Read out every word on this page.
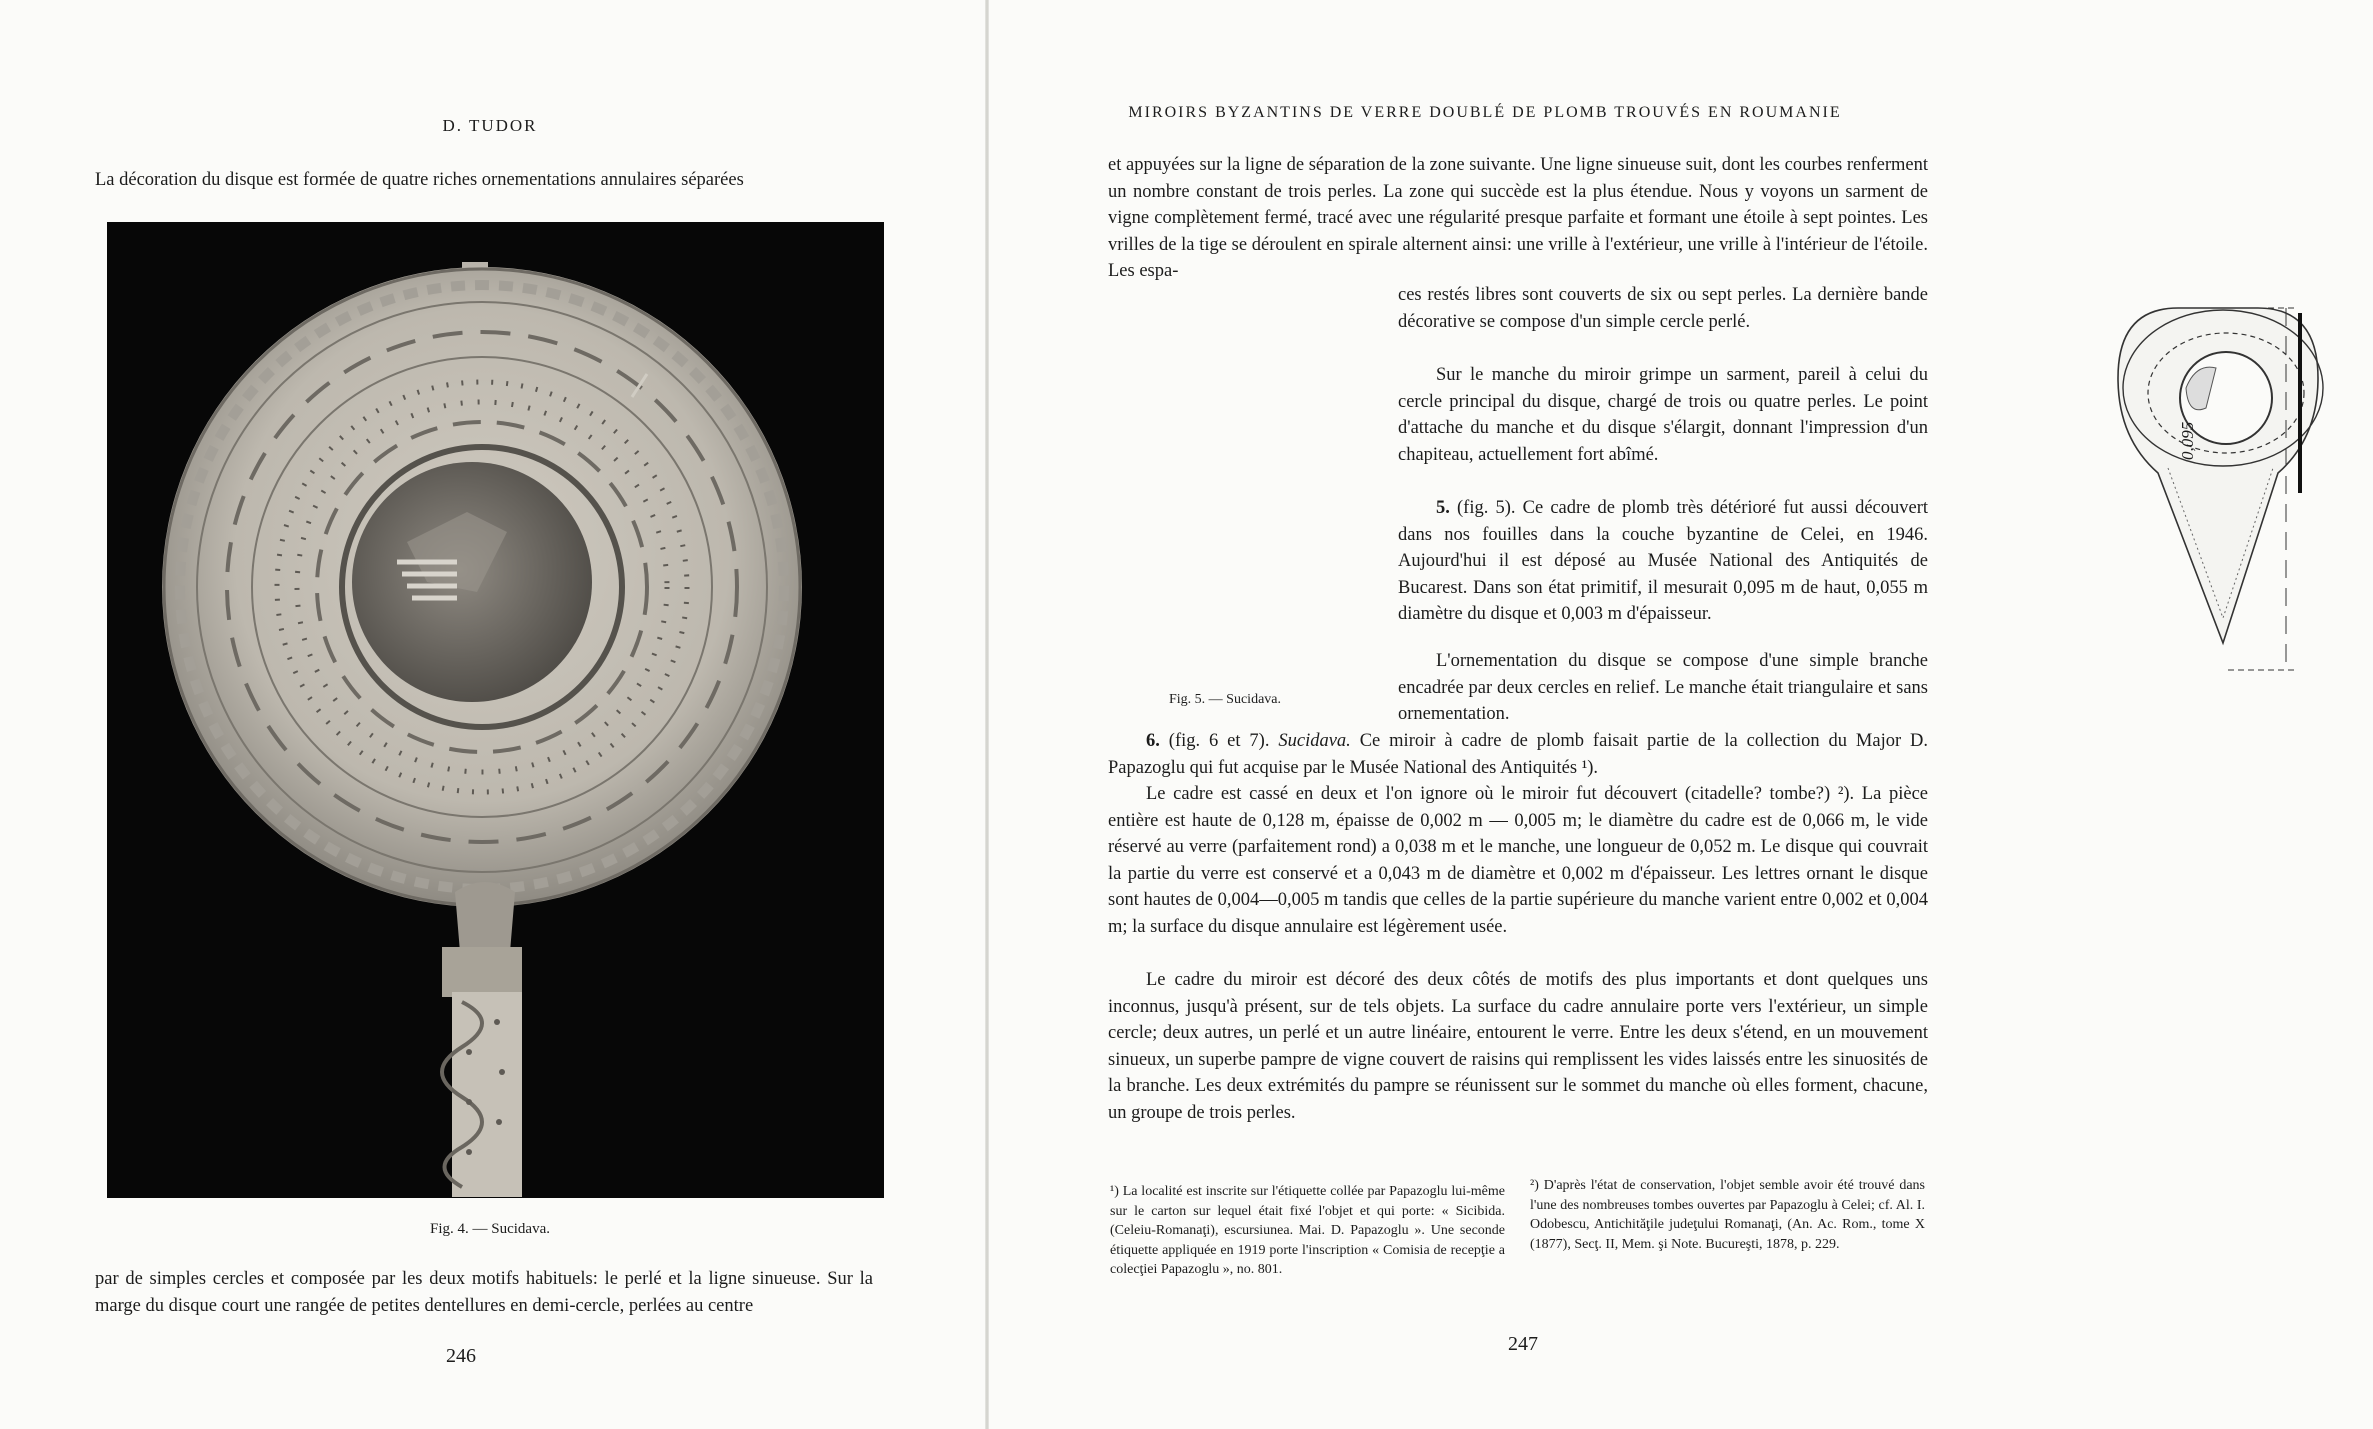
D. TUDOR
La décoration du disque est formée de quatre riches ornementations annulaires séparées
Fig. 4. — Sucidava.
par de simples cercles et composée par les deux motifs habituels: le perlé et la ligne sinueuse. Sur la marge du disque court une rangée de petites dentellures en demi-cercle, perlées au centre
246
MIROIRS BYZANTINS DE VERRE DOUBLÉ DE PLOMB TROUVÉS EN ROUMANIE
et appuyées sur la ligne de séparation de la zone suivante. Une ligne sinueuse suit, dont les courbes renferment un nombre constant de trois perles. La zone qui succède est la plus étendue. Nous y voyons un sarment de vigne complètement fermé, tracé avec une régularité presque parfaite et formant une étoile à sept pointes. Les vrilles de la tige se déroulent en spirale alternent ainsi: une vrille à l'extérieur, une vrille à l'intérieur de l'étoile. Les espa-
0,095
ces restés libres sont couverts de six ou sept perles. La dernière bande décorative se compose d'un simple cercle perlé.
Sur le manche du miroir grimpe un sarment, pareil à celui du cercle principal du disque, chargé de trois ou quatre perles. Le point d'attache du manche et du disque s'élargit, donnant l'impression d'un chapiteau, actuellement fort abîmé.
5. (fig. 5). Ce cadre de plomb très détérioré fut aussi découvert dans nos fouilles dans la couche byzantine de Celei, en 1946. Aujourd'hui il est déposé au Musée National des Antiquités de Bucarest. Dans son état primitif, il mesurait 0,095 m de haut, 0,055 m diamètre du disque et 0,003 m d'épaisseur.
Fig. 5. — Sucidava.
L'ornementation du disque se compose d'une simple branche encadrée par deux cercles en relief. Le manche était triangulaire et sans ornementation.
6. (fig. 6 et 7). Sucidava. Ce miroir à cadre de plomb faisait partie de la collection du Major D. Papazoglu qui fut acquise par le Musée National des Antiquités ¹).
Le cadre est cassé en deux et l'on ignore où le miroir fut découvert (citadelle? tombe?) ²). La pièce entière est haute de 0,128 m, épaisse de 0,002 m — 0,005 m; le diamètre du cadre est de 0,066 m, le vide réservé au verre (parfaitement rond) a 0,038 m et le manche, une longueur de 0,052 m. Le disque qui couvrait la partie du verre est conservé et a 0,043 m de diamètre et 0,002 m d'épaisseur. Les lettres ornant le disque sont hautes de 0,004—0,005 m tandis que celles de la partie supérieure du manche varient entre 0,002 et 0,004 m; la surface du disque annulaire est légèrement usée.
Le cadre du miroir est décoré des deux côtés de motifs des plus importants et dont quelques uns inconnus, jusqu'à présent, sur de tels objets. La surface du cadre annulaire porte vers l'extérieur, un simple cercle; deux autres, un perlé et un autre linéaire, entourent le verre. Entre les deux s'étend, en un mouvement sinueux, un superbe pampre de vigne couvert de raisins qui remplissent les vides laissés entre les sinuosités de la branche. Les deux extrémités du pampre se réunissent sur le sommet du manche où elles forment, chacune, un groupe de trois perles.
¹) La localité est inscrite sur l'étiquette collée par Papazoglu lui-même sur le carton sur lequel était fixé l'objet et qui porte: « Sicibida. (Celeiu-Romanaţi), escursiunea. Mai. D. Papazoglu ». Une seconde étiquette appliquée en 1919 porte l'inscription « Comisia de recepţie a colecţiei Papazoglu », no. 801.
²) D'après l'état de conservation, l'objet semble avoir été trouvé dans l'une des nombreuses tombes ouvertes par Papazoglu à Celei; cf. Al. I. Odobescu, Antichităţile judeţului Romanaţi, (An. Ac. Rom., tome X (1877), Secţ. II, Mem. şi Note. Bucureşti, 1878, p. 229.
247
